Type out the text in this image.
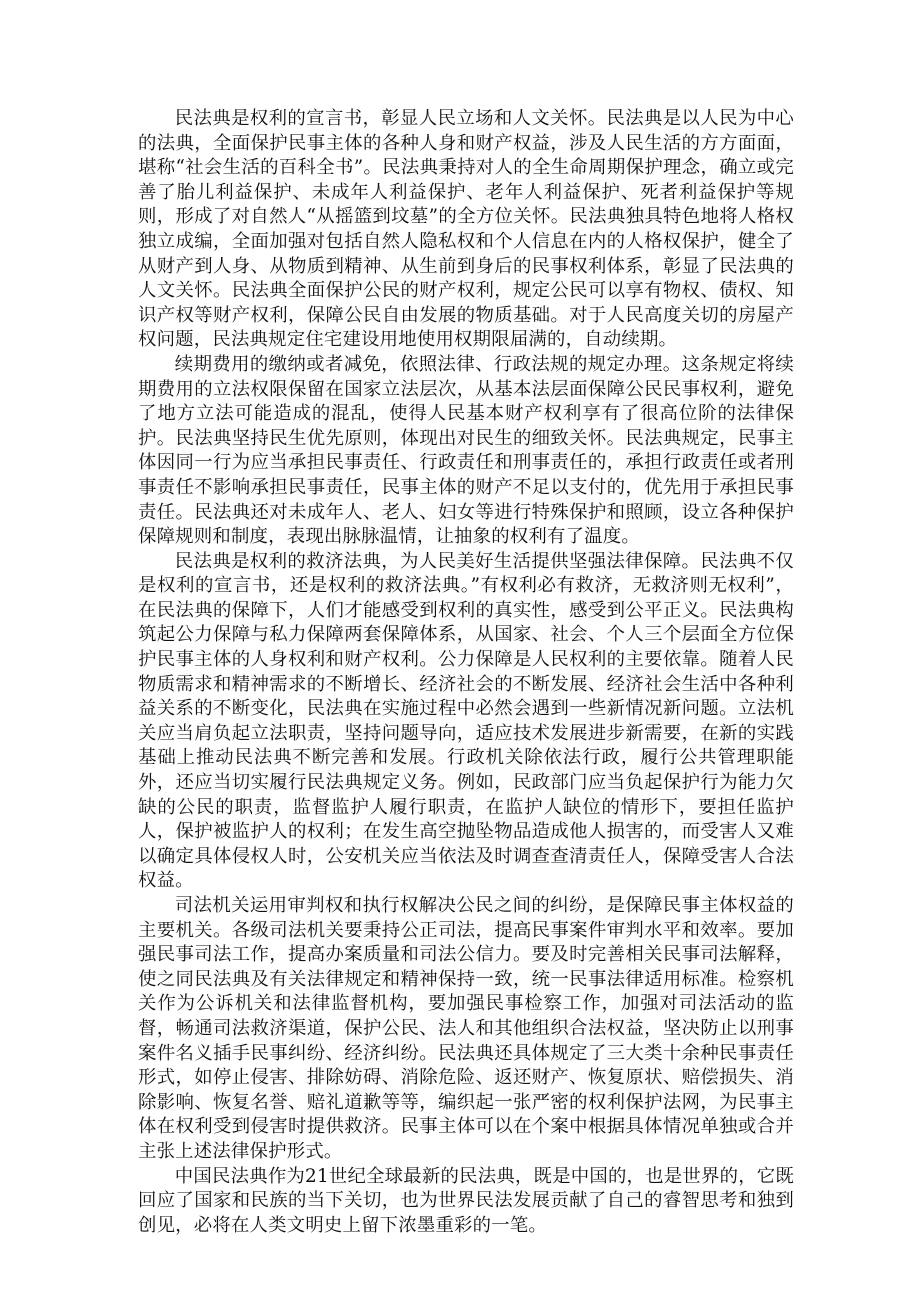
民法典是权利的宣言书，彰显人民立场和人文关怀。民法典是以人民为中心的法典，全面保护民事主体的各种人身和财产权益，涉及人民生活的方方面面，堪称“社会生活的百科全书”。民法典秉持对人的全生命周期保护理念，确立或完善了胎儿利益保护、未成年人利益保护、老年人利益保护、死者利益保护等规则，形成了对自然人“从摇篮到坟墓”的全方位关怀。民法典独具特色地将人格权独立成编，全面加强对包括自然人隐私权和个人信息在内的人格权保护，健全了从财产到人身、从物质到精神、从生前到身后的民事权利体系，彰显了民法典的人文关怀。民法典全面保护公民的财产权利，规定公民可以享有物权、债权、知识产权等财产权利，保障公民自由发展的物质基础。对于人民高度关切的房屋产权问题，民法典规定住宅建设用地使用权期限届满的，自动续期。

续期费用的缴纳或者减免，依照法律、行政法规的规定办理。这条规定将续期费用的立法权限保留在国家立法层次，从基本法层面保障公民民事权利，避免了地方立法可能造成的混乱，使得人民基本财产权利享有了很高位阶的法律保护。民法典坚持民生优先原则，体现出对民生的细致关怀。民法典规定，民事主体因同一行为应当承担民事责任、行政责任和刑事责任的，承担行政责任或者刑事责任不影响承担民事责任，民事主体的财产不足以支付的，优先用于承担民事责任。民法典还对未成年人、老人、妇女等进行特殊保护和照顾，设立各种保护保障规则和制度，表现出脉脉温情，让抽象的权利有了温度。

民法典是权利的救济法典，为人民美好生活提供坚强法律保障。民法典不仅是权利的宣言书，还是权利的救济法典。”有权利必有救济，无救济则无权利”，在民法典的保障下，人们才能感受到权利的真实性，感受到公平正义。民法典构筑起公力保障与私力保障两套保障体系，从国家、社会、个人三个层面全方位保护民事主体的人身权利和财产权利。公力保障是人民权利的主要依靠。随着人民物质需求和精神需求的不断增长、经济社会的不断发展、经济社会生活中各种利益关系的不断变化，民法典在实施过程中必然会遇到一些新情况新问题。立法机关应当肩负起立法职责，坚持问题导向，适应技术发展进步新需要，在新的实践基础上推动民法典不断完善和发展。行政机关除依法行政，履行公共管理职能外，还应当切实履行民法典规定义务。例如，民政部门应当负起保护行为能力欠缺的公民的职责，监督监护人履行职责，在监护人缺位的情形下，要担任监护人，保护被监护人的权利；在发生高空抛坠物品造成他人损害的，而受害人又难以确定具体侵权人时，公安机关应当依法及时调查查清责任人，保障受害人合法权益。

司法机关运用审判权和执行权解决公民之间的纠纷，是保障民事主体权益的主要机关。各级司法机关要秉持公正司法，提高民事案件审判水平和效率。要加强民事司法工作，提高办案质量和司法公信力。要及时完善相关民事司法解释，使之同民法典及有关法律规定和精神保持一致，统一民事法律适用标准。检察机关作为公诉机关和法律监督机构，要加强民事检察工作，加强对司法活动的监督，畅通司法救济渠道，保护公民、法人和其他组织合法权益，坚决防止以刑事案件名义插手民事纠纷、经济纠纷。民法典还具体规定了三大类十余种民事责任形式，如停止侵害、排除妨碍、消除危险、返还财产、恢复原状、赔偿损失、消除影响、恢复名誉、赔礼道歉等等，编织起一张严密的权利保护法网，为民事主体在权利受到侵害时提供救济。民事主体可以在个案中根据具体情况单独或合并主张上述法律保护形式。

中国民法典作为21世纪全球最新的民法典，既是中国的，也是世界的，它既回应了国家和民族的当下关切，也为世界民法发展贡献了自己的睿智思考和独到创见，必将在人类文明史上留下浓墨重彩的一笔。
